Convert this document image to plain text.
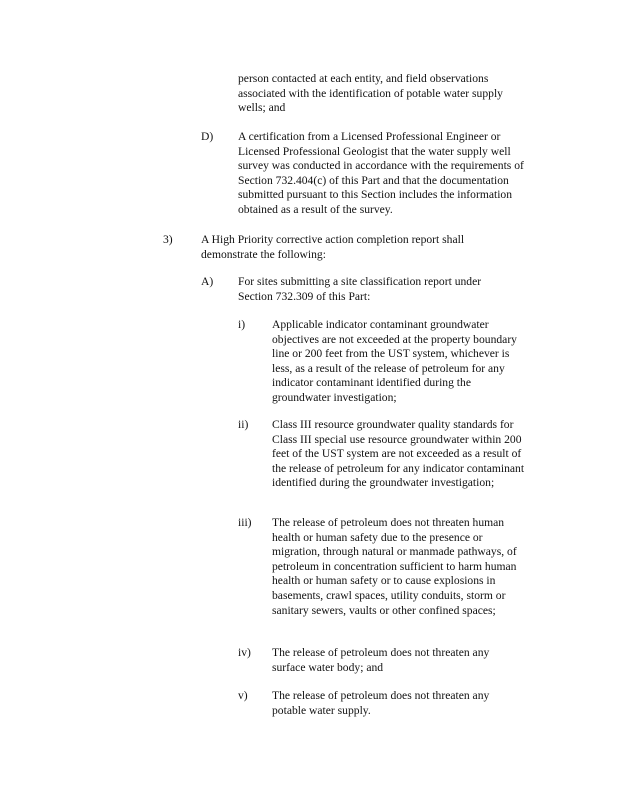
person contacted at each entity, and field observations associated with the identification of potable water supply wells; and

D) A certification from a Licensed Professional Engineer or Licensed Professional Geologist that the water supply well survey was conducted in accordance with the requirements of Section 732.404(c) of this Part and that the documentation submitted pursuant to this Section includes the information obtained as a result of the survey.

3) A High Priority corrective action completion report shall demonstrate the following:

A) For sites submitting a site classification report under Section 732.309 of this Part:

i) Applicable indicator contaminant groundwater objectives are not exceeded at the property boundary line or 200 feet from the UST system, whichever is less, as a result of the release of petroleum for any indicator contaminant identified during the groundwater investigation;

ii) Class III resource groundwater quality standards for Class III special use resource groundwater within 200 feet of the UST system are not exceeded as a result of the release of petroleum for any indicator contaminant identified during the groundwater investigation;

iii) The release of petroleum does not threaten human health or human safety due to the presence or migration, through natural or manmade pathways, of petroleum in concentration sufficient to harm human health or human safety or to cause explosions in basements, crawl spaces, utility conduits, storm or sanitary sewers, vaults or other confined spaces;

iv) The release of petroleum does not threaten any surface water body; and

v) The release of petroleum does not threaten any potable water supply.
